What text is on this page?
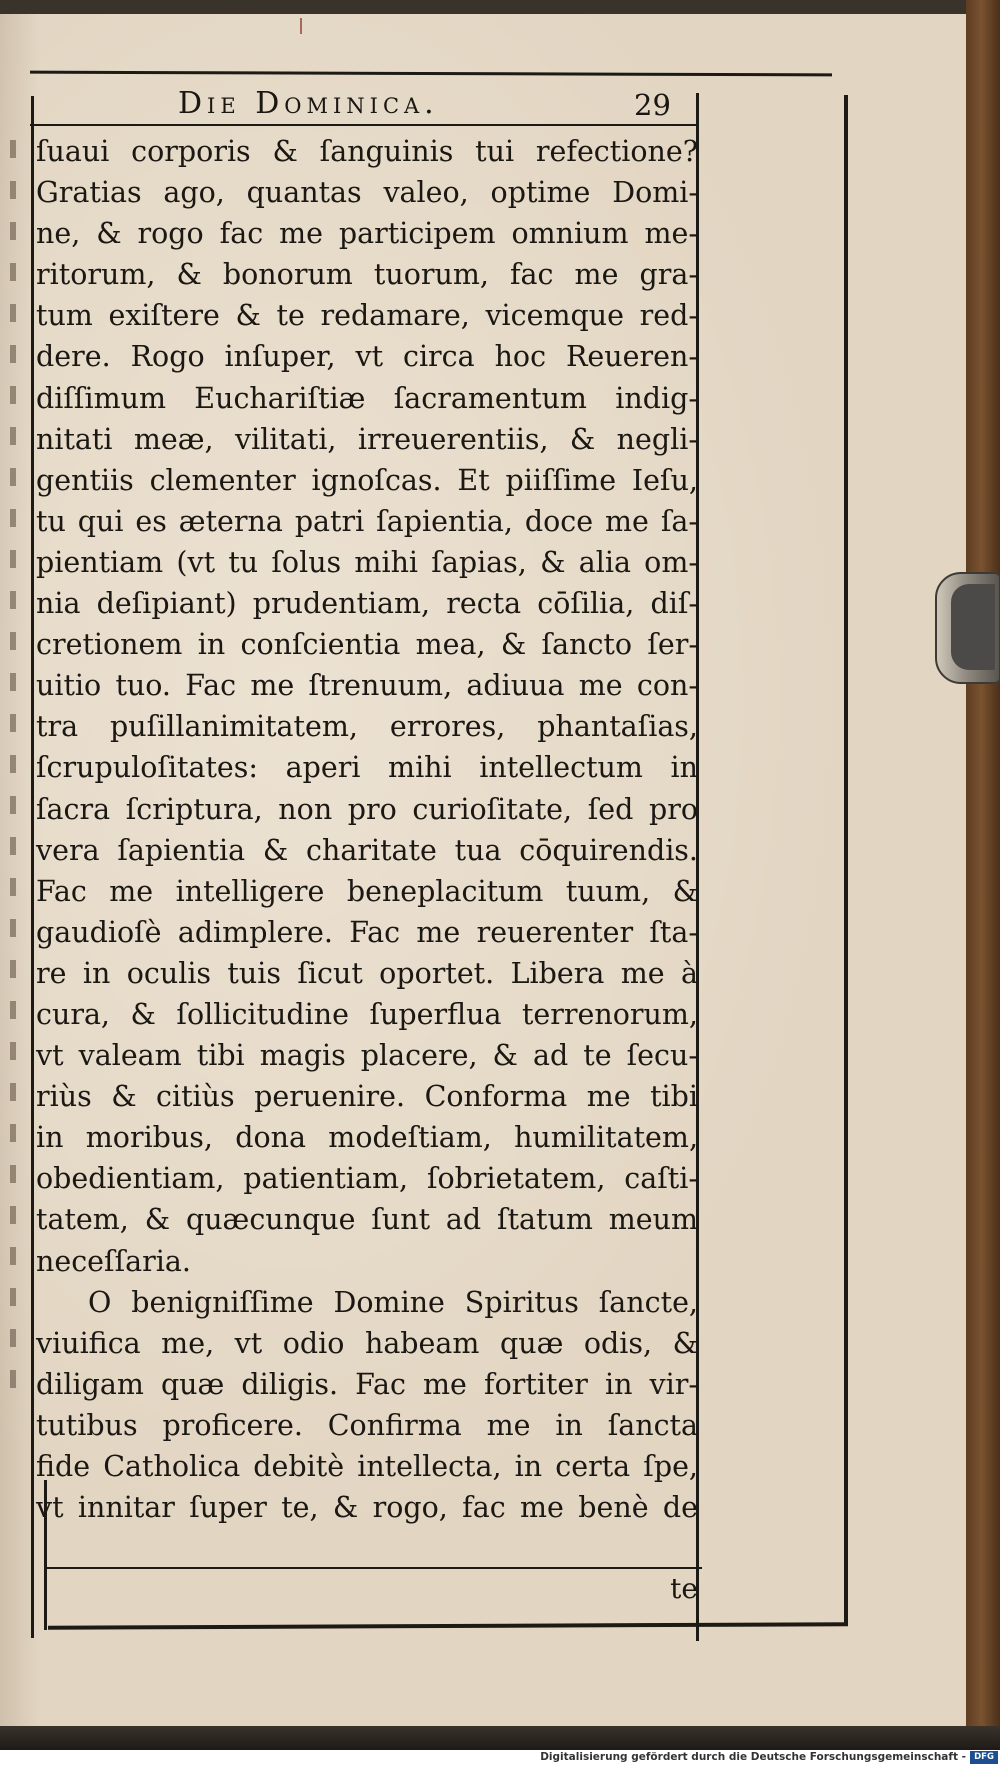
Die Dominica.	29
ſuaui corporis & ſanguinis tui refectione?
Gratias ago, quantas valeo, optime Domi-
ne, & rogo fac me participem omnium me-
ritorum, & bonorum tuorum, fac me gra-
tum exiſtere & te redamare, vicemque red-
dere. Rogo inſuper, vt circa hoc Reueren-
diſſimum Euchariſtiæ ſacramentum indig-
nitati meæ, vilitati, irreuerentiis, & negli-
gentiis clementer ignoſcas. Et piiſſime Ieſu,
tu qui es æterna patri ſapientia, doce me ſa-
pientiam (vt tu ſolus mihi ſapias, & alia om-
nia deſipiant) prudentiam, recta cōſilia, diſ-
cretionem in conſcientia mea, & ſancto ſer-
uitio tuo. Fac me ſtrenuum, adiuua me con-
tra puſillanimitatem, errores, phantaſias,
ſcrupuloſitates: aperi mihi intellectum in
ſacra ſcriptura, non pro curioſitate, ſed pro
vera ſapientia & charitate tua cōquirendis.
Fac me intelligere beneplacitum tuum, &
gaudioſè adimplere. Fac me reuerenter ſta-
re in oculis tuis ſicut oportet. Libera me à
cura, & ſollicitudine ſuperflua terrenorum,
vt valeam tibi magis placere, & ad te ſecu-
riùs & citiùs peruenire. Conforma me tibi
in moribus, dona modeſtiam, humilitatem,
obedientiam, patientiam, ſobrietatem, caſti-
tatem, & quæcunque ſunt ad ſtatum meum
neceſſaria.
O benigniſſime Domine Spiritus ſancte,
viuifica me, vt odio habeam quæ odis, &
diligam quæ diligis. Fac me fortiter in vir-
tutibus proficere. Confirma me in ſancta
fide Catholica debitè intellecta, in certa ſpe,
vt innitar ſuper te, & rogo, fac me benè de
te
Digitalisierung gefördert durch die Deutsche Forschungsgemeinschaft - DFG
